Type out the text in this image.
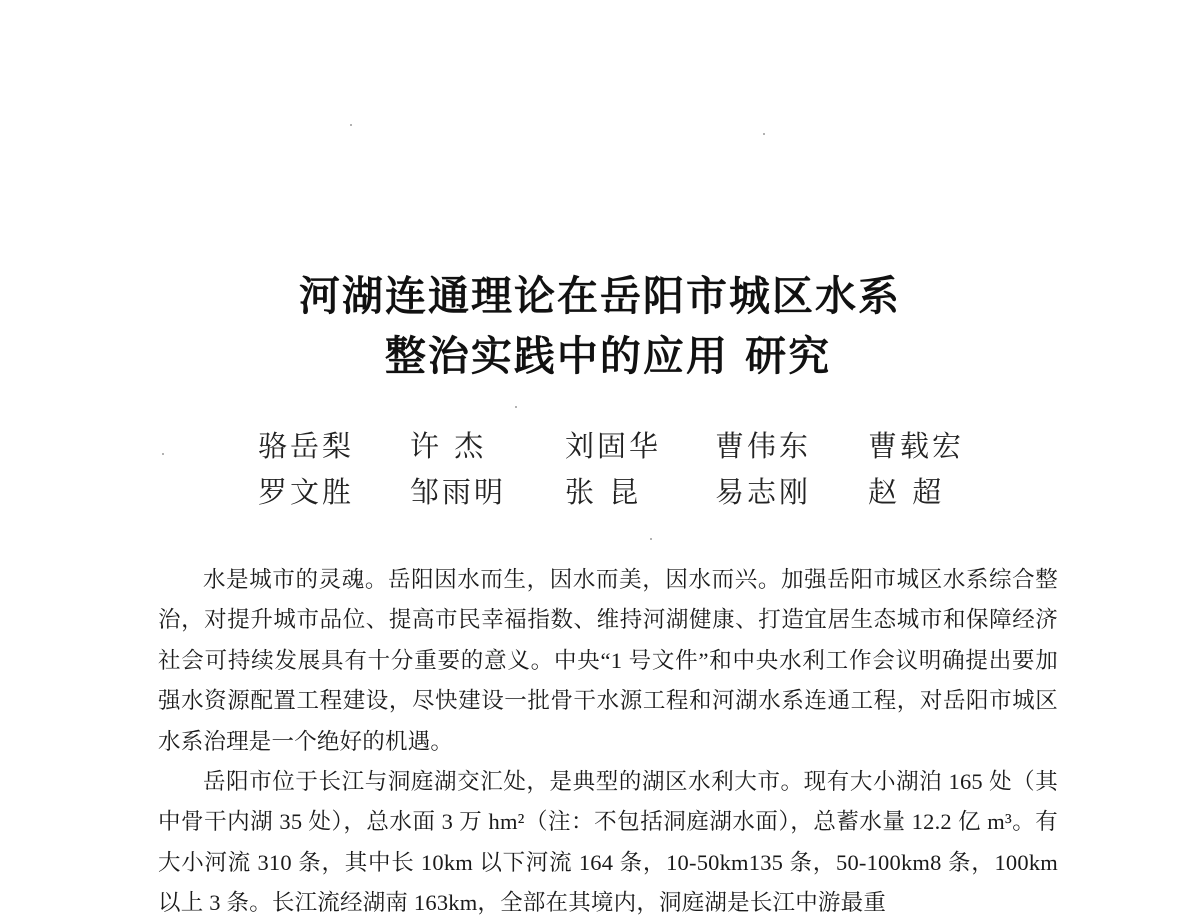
河湖连通理论在岳阳市城区水系
整治实践中的应用 研究
骆岳梨 许 杰	刘固华 曹伟东 曹载宏
罗文胜 邹雨明 张 昆	易志刚 赵 超

水是城市的灵魂。岳阳因水而生，因水而美，因水而兴。加强岳阳市城区水系综合整治，对提升城市品位、提高市民幸福指数、维持河湖健康、打造宜居生态城市和保障经济社会可持续发展具有十分重要的意义。中央“1 号文件”和中央水利工作会议明确提出要加强水资源配置工程建设，尽快建设一批骨干水源工程和河湖水系连通工程，对岳阳市城区水系治理是一个绝好的机遇。

岳阳市位于长江与洞庭湖交汇处，是典型的湖区水利大市。现有大小湖泊 165 处（其中骨干内湖 35 处），总水面 3 万 hm²（注：不包括洞庭湖水面），总蓄水量 12.2 亿 m³。有大小河流 310 条，其中长 10km 以下河流 164 条，10-50km135 条，50-100km8 条，100km 以上 3 条。长江流经湖南 163km，全部在其境内，洞庭湖是长江中游最重
